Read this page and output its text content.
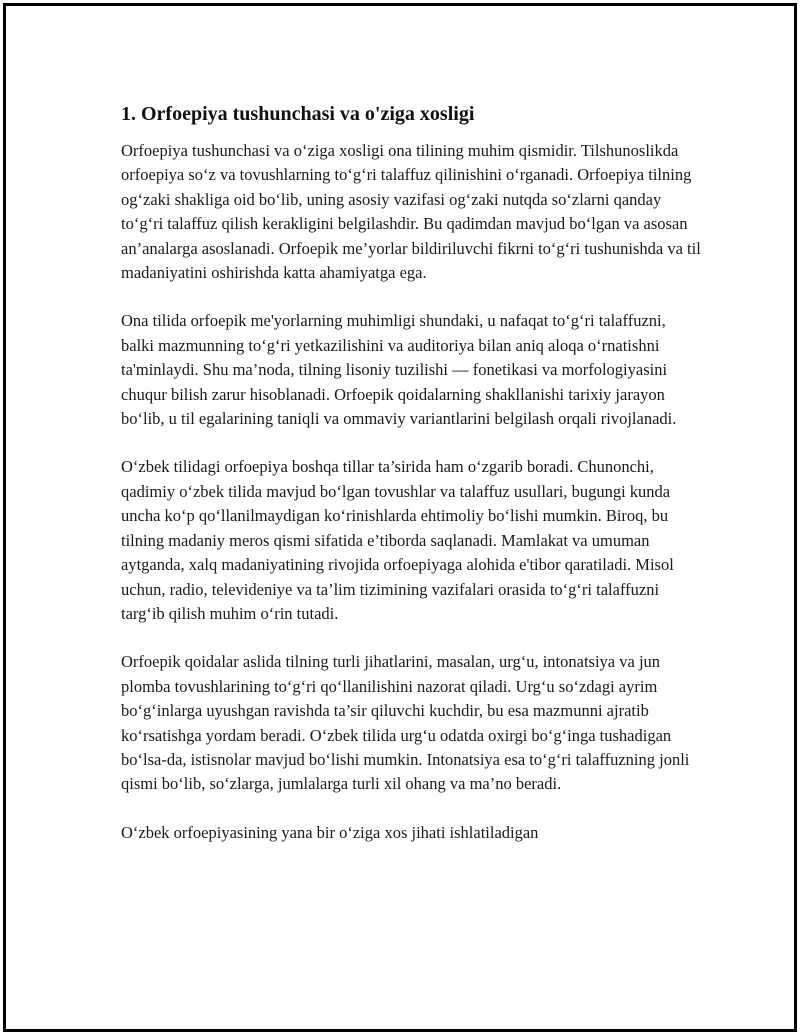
1. Orfoepiya tushunchasi va o'ziga xosligi

Orfoepiya tushunchasi va o‘ziga xosligi ona tilining muhim qismidir. Tilshunoslikda orfoepiya so‘z va tovushlarning to‘g‘ri talaffuz qilinishini o‘rganadi. Orfoepiya tilning og‘zaki shakliga oid bo‘lib, uning asosiy vazifasi og‘zaki nutqda so‘zlarni qanday to‘g‘ri talaffuz qilish kerakligini belgilashdir. Bu qadimdan mavjud bo‘lgan va asosan an’analarga asoslanadi. Orfoepik me’yorlar bildiriluvchi fikrni to‘g‘ri tushunishda va til madaniyatini oshirishda katta ahamiyatga ega.

Ona tilida orfoepik me'yorlarning muhimligi shundaki, u nafaqat to‘g‘ri talaffuzni, balki mazmunning to‘g‘ri yetkazilishini va auditoriya bilan aniq aloqa o‘rnatishni ta'minlaydi. Shu ma’noda, tilning lisoniy tuzilishi — fonetikasi va morfologiyasini chuqur bilish zarur hisoblanadi. Orfoepik qoidalarning shakllanishi tarixiy jarayon bo‘lib, u til egalarining taniqli va ommaviy variantlarini belgilash orqali rivojlanadi.

O‘zbek tilidagi orfoepiya boshqa tillar ta’sirida ham o‘zgarib boradi. Chunonchi, qadimiy o‘zbek tilida mavjud bo‘lgan tovushlar va talaffuz usullari, bugungi kunda uncha ko‘p qo‘llanilmaydigan ko‘rinishlarda ehtimoliy bo‘lishi mumkin. Biroq, bu tilning madaniy meros qismi sifatida e’tiborda saqlanadi. Mamlakat va umuman aytganda, xalq madaniyatining rivojida orfoepiyaga alohida e'tibor qaratiladi. Misol uchun, radio, televideniye va ta’lim tizimining vazifalari orasida to‘g‘ri talaffuzni targ‘ib qilish muhim o‘rin tutadi.

Orfoepik qoidalar aslida tilning turli jihatlarini, masalan, urg‘u, intonatsiya va jun plomba tovushlarining to‘g‘ri qo‘llanilishini nazorat qiladi. Urg‘u so‘zdagi ayrim bo‘g‘inlarga uyushgan ravishda ta’sir qiluvchi kuchdir, bu esa mazmunni ajratib ko‘rsatishga yordam beradi. O‘zbek tilida urg‘u odatda oxirgi bo‘g‘inga tushadigan bo‘lsa-da, istisnolar mavjud bo‘lishi mumkin. Intonatsiya esa to‘g‘ri talaffuzning jonli qismi bo‘lib, so‘zlarga, jumlalarga turli xil ohang va ma’no beradi.

O‘zbek orfoepiyasining yana bir o‘ziga xos jihati ishlatiladigan
